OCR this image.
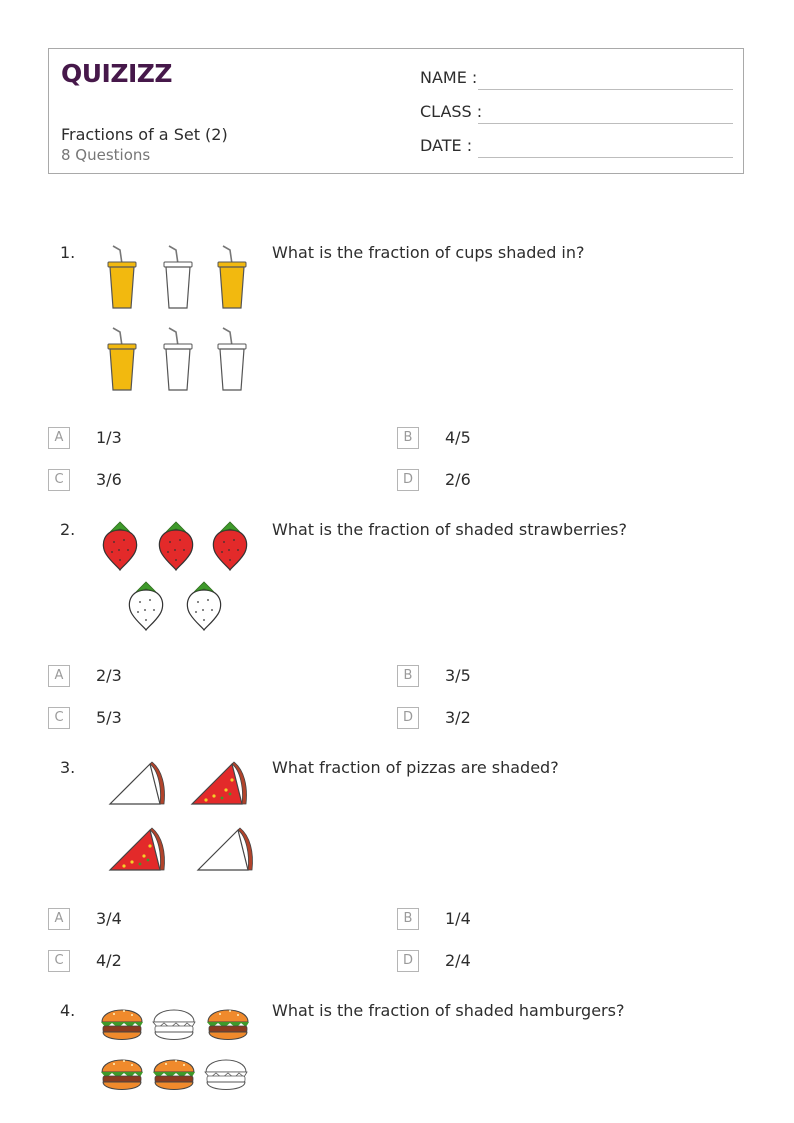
QUIZIZZ
Fractions of a Set (2)
8 Questions
NAME :
CLASS :
DATE :
1.	What is the fraction of cups shaded in?
A	1/3	B	4/5
C	3/6	D	2/6
2.	What is the fraction of shaded strawberries?
A	2/3	B	3/5
C	5/3	D	3/2
3.	What fraction of pizzas are shaded?
A	3/4	B	1/4
C	4/2	D	2/4
4.	What is the fraction of shaded hamburgers?
